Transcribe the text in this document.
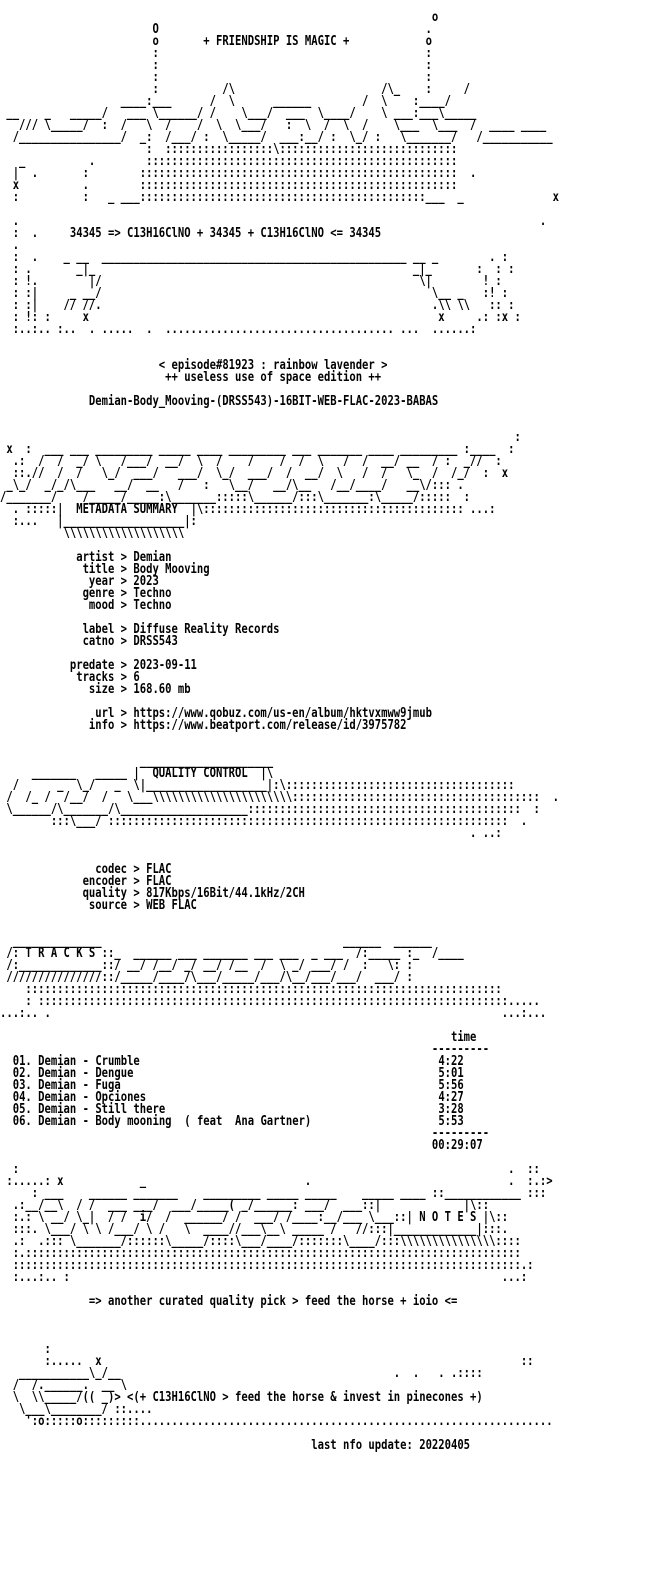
o
O                                          .
o       + FRIENDSHIP IS MAGIC +            o
:                                          :
:                                          :
:                                          :
:          /\                       /\_    :     /
____:___      /  \      ______        /  \    :____/
__    _   _____/   ___ \______/ /    \___/  ___  \____/    \ ___:___\_____
/// \_____/  :  /   \  /    /  \  \___/   :  \  /  \  /    \___  \___  /  ____ ____
/________________/  _:  /___/ :  \_____/  ___:__/ :  \_/ :   \_______/   /___________
:  :::::::::::::::::\::::::::::::::::::::::::::::
_          .        :::::::::::::::::::::::::::::::::::::::::::::::::
|  .       :        ::::::::::::::::::::::::::::::::::::::::::::::::::  .
x          .        ::::::::::::::::::::::::::::::::::::::::::::::::::
:          :   _ ___:::::::::::::::::::::::::::::::::::::::::::::___  _              x
.                                                                                  .
:  .     34345 => C13H16ClNO + 34345 + C13H16ClNO <= 34345
.
:  .    _ __  ________________________________________________ __ _        . :
: .       _|_                                                  _|_       :  : :
: !.        |/                                                  \|        ! :
: :|     _ __/                                                    \__ _   :! :
: :|    // //.                                                    .\\ \\   :: :
: !: :     x                                                       x     .: :x :
:..:.. :..  . .....  .  .................................... ...  ......:
< episode#81923 : rainbow lavender >
++ useless use of space edition ++
Demian-Body_Mooving-(DRSS543)-16BIT-WEB-FLAC-2023-BABAS
:
x  :  ___ ___ _________ _____ ____ _________ ___ _______ ____ _________ :____  :
.:  /  /  _/ \   /___/  __/  \  /    /    /  /  \   /  /  __/ __  / :  _//  :
::.//  /  /   \_/  ___/   ___/  \_/  ___/  /  __/  \   /  /   \_  /  /_/  :  x
_\_/  _/_/\___   __/  __   /   :   \__/   __/\__   /__/____/   __\/::: .
/_______/    /_____/_____:\_______:::::\______/:::\_______:\_____/:::::  :
. :::::|  METADATA SUMMARY  |\::::::::::::::::::::::::::::::::::::::::: ...:
:...   |___________________|:
\\\\\\\\\\\\\\\\\\\
artist > Demian
title > Body Mooving
year > 2023
genre > Techno
mood > Techno
label > Diffuse Reality Records
catno > DRSS543
predate > 2023-09-11
tracks > 6
size > 168.60 mb
url > https://www.qobuz.com/us-en/album/hktvxmww9jmub
info > https://www.beatport.com/release/id/3975782
_____________________
_______   _____ |  QUALITY CONTROL  |\
/      _  \_/   _  \|___________________|:\::::::::::::::::::::::::::::::::::::
/  /_ /  /__/  /   \___\\\\\\\\\\\\\\\\\\\\\\:::::::::::::::::::::::::::::::::::::::  .
\______/\_______/\____________________:::::::::::::::::::::::::::::::::::::::::::  :
:::\___/ :::::::::::::::::::::::::::::::::::::::::::::::::::::::::::::::  .
. ..:
codec > FLAC
encoder > FLAC
quality > 817Kbps/16Bit/44.1kHz/2CH
source > WEB FLAC
______________                                      ______  ______
/: T R A C K S ::_  ______ ___ _______ ___ ___  _ ___  /:_____ :_  /____
/:_____________::/ __/ /__/ _/ __/ /__  /  \ _/ ___/ /  :   \: :
///////////////::/_____/____/\___/_____/___/\__/___/___/  ___/ :
:::::::::::::::::::::::::::::::::::::::::::::::::::::::::::::::::::::::::::
: ::::::::::::::::::::::::::::::::::::::::::::::::::::::::::::::::::::::::::.....
...:.. .                                                                       ...:...
time
---------
01. Demian - Crumble	4:22
02. Demian - Dengue	5:01
03. Demian - Fuga	5:56
04. Demian - Opciones	4:27
05. Demian - Still there	3:28
06. Demian - Body mooning  ( feat  Ana Gartner)	5:53
---------
00:29:07
:                                                                             .  ::
:.....: x            _                         .                               .  :.:>
: ___    ______ _______    _________ _____ _____    _____ ____ ::____________ :::
.:__/__\  / /  ___ ___/  ___/_____( _/______: ___/  ___::|             |\::
:.: \ __/ \_|  / /  i/  /  ______/ /  ___/ /____:__/___ \___::| N O T E S |\::
:::. \___/ \ \ /___/ \ /   \  ____//___\__\ _____ /   //:::|_____________|:::.
.:  .::: \_______/::::::\_____/::::\___/____/:::::::\____/:::\\\\\\\\\\\\\\\::::
:.::::::::::::::::::::::::::::::::::::::::::::::::::::::::::::::::::::::::::::::
::::::::::::::::::::::::::::::::::::::::::::::::::::::::::::::::::::::::::::::::.:
:...:.. :                                                                    ...:
=> another curated quality pick > feed the horse + ioio <=
:
:.....  x                                                                  ::
___________\_/__                                           .  .   . .::::
/  /.______.  __ \
\  \\_____/(( _)> <(+ C13H16ClNO > feed the horse & invest in pinecones +)
\___\________/ ::....
':o:::::o:::::::::.................................................................
last nfo update: 20220405
